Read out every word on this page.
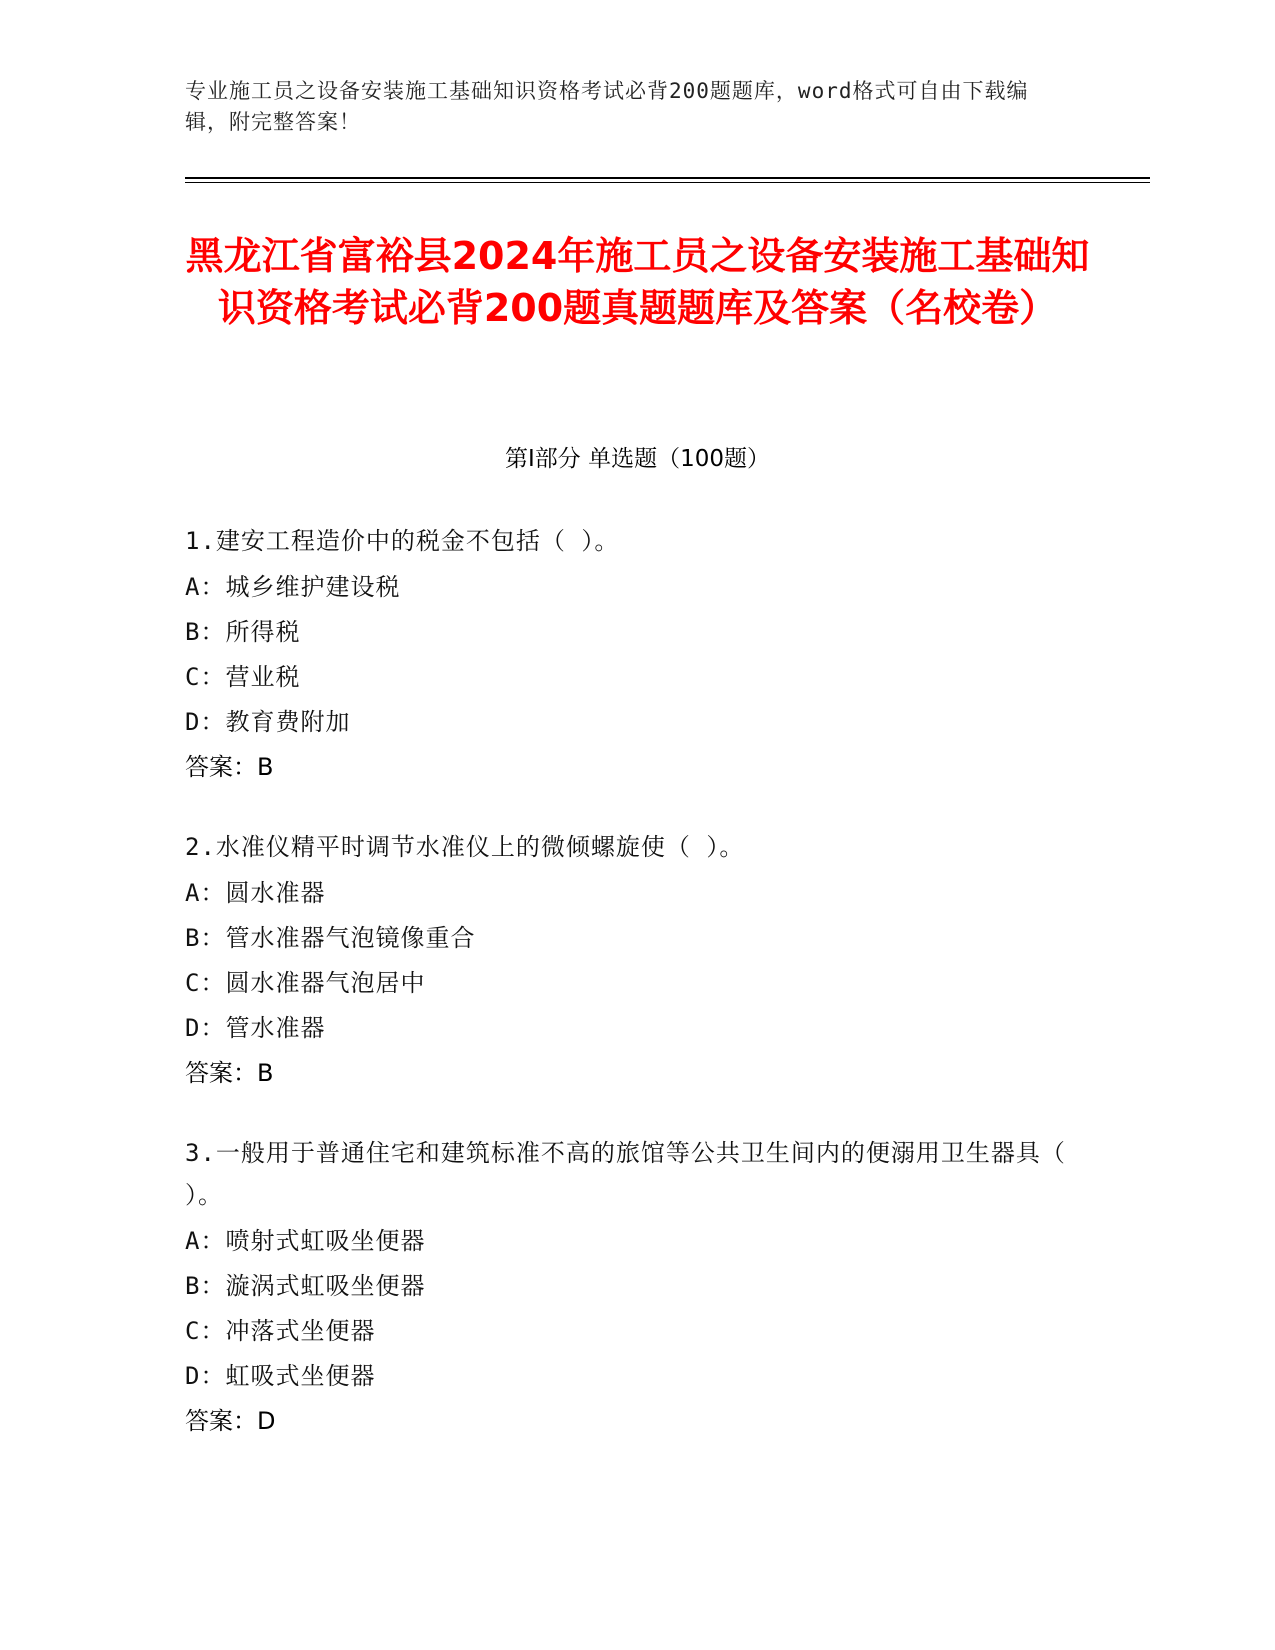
专业施工员之设备安装施工基础知识资格考试必背200题题库，word格式可自由下载编辑，附完整答案！
黑龙江省富裕县2024年施工员之设备安装施工基础知识资格考试必背200题真题题库及答案（名校卷）
第Ⅰ部分 单选题（100题）
1.建安工程造价中的税金不包括（ ）。
A：城乡维护建设税
B：所得税
C：营业税
D：教育费附加
答案：B
2.水准仪精平时调节水准仪上的微倾螺旋使（ ）。
A：圆水准器
B：管水准器气泡镜像重合
C：圆水准器气泡居中
D：管水准器
答案：B
3.一般用于普通住宅和建筑标准不高的旅馆等公共卫生间内的便溺用卫生器具（ ）。
A：喷射式虹吸坐便器
B：漩涡式虹吸坐便器
C：冲落式坐便器
D：虹吸式坐便器
答案：D
